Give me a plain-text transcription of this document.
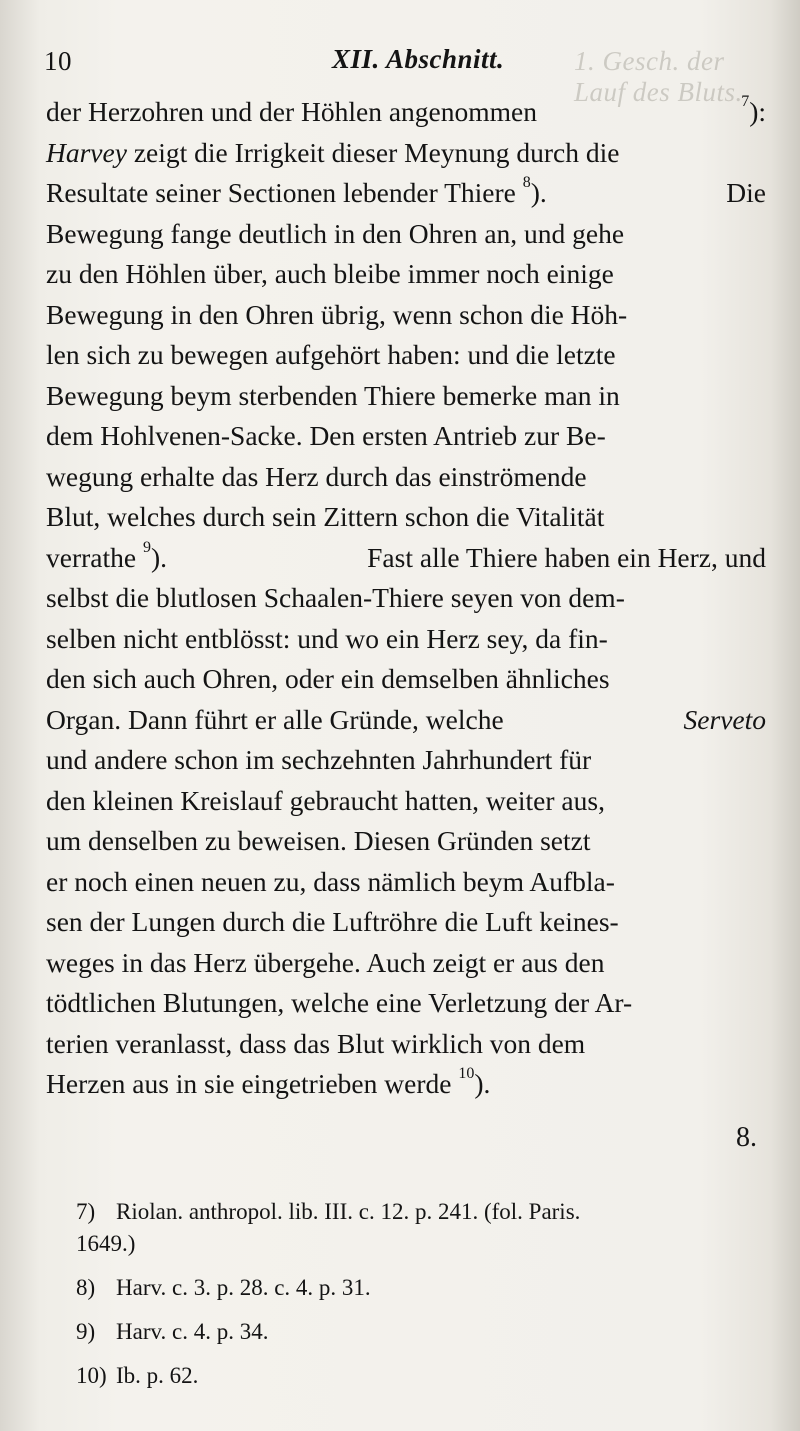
10	XII. Abschnitt.	1. Gesch. der Lauf des Bluts.
der Herzohren und der Höhlen angenommen	$^7$):
Harvey zeigt die Irrigkeit dieser Meynung durch die
Resultate seiner Sectionen lebender Thiere $^8$).	Die
Bewegung fange deutlich in den Ohren an, und gehe
zu den Höhlen über, auch bleibe immer noch einige
Bewegung in den Ohren übrig, wenn schon die Höh-
len sich zu bewegen aufgehört haben: und die letzte
Bewegung beym sterbenden Thiere bemerke man in
dem Hohlvenen-Sacke. Den ersten Antrieb zur Be-
wegung erhalte das Herz durch das einströmende
Blut, welches durch sein Zittern schon die Vitalität
verrathe $^9$).	Fast alle Thiere haben ein Herz, und
selbst die blutlosen Schaalen-Thiere seyen von dem-
selben nicht entblösst: und wo ein Herz sey, da fin-
den sich auch Ohren, oder ein demselben ähnliches
Organ. Dann führt er alle Gründe, welche	Serveto
und andere schon im sechzehnten Jahrhundert für
den kleinen Kreislauf gebraucht hatten, weiter aus,
um denselben zu beweisen. Diesen Gründen setzt
er noch einen neuen zu, dass nämlich beym Aufbla-
sen der Lungen durch die Luftröhre die Luft keines-
weges in das Herz übergehe. Auch zeigt er aus den
tödtlichen Blutungen, welche eine Verletzung der Ar-
terien veranlasst, dass das Blut wirklich von dem
Herzen aus in sie eingetrieben werde
$^{10}$ ).
8.
7) Riolan. anthropol. lib. III. c. 12. p. 241. (fol. Paris.
1649.)
8) Harv. c. 3. p. 28. c. 4. p. 31.
9) Harv. c. 4. p. 34.
10) Ib. p. 62.
